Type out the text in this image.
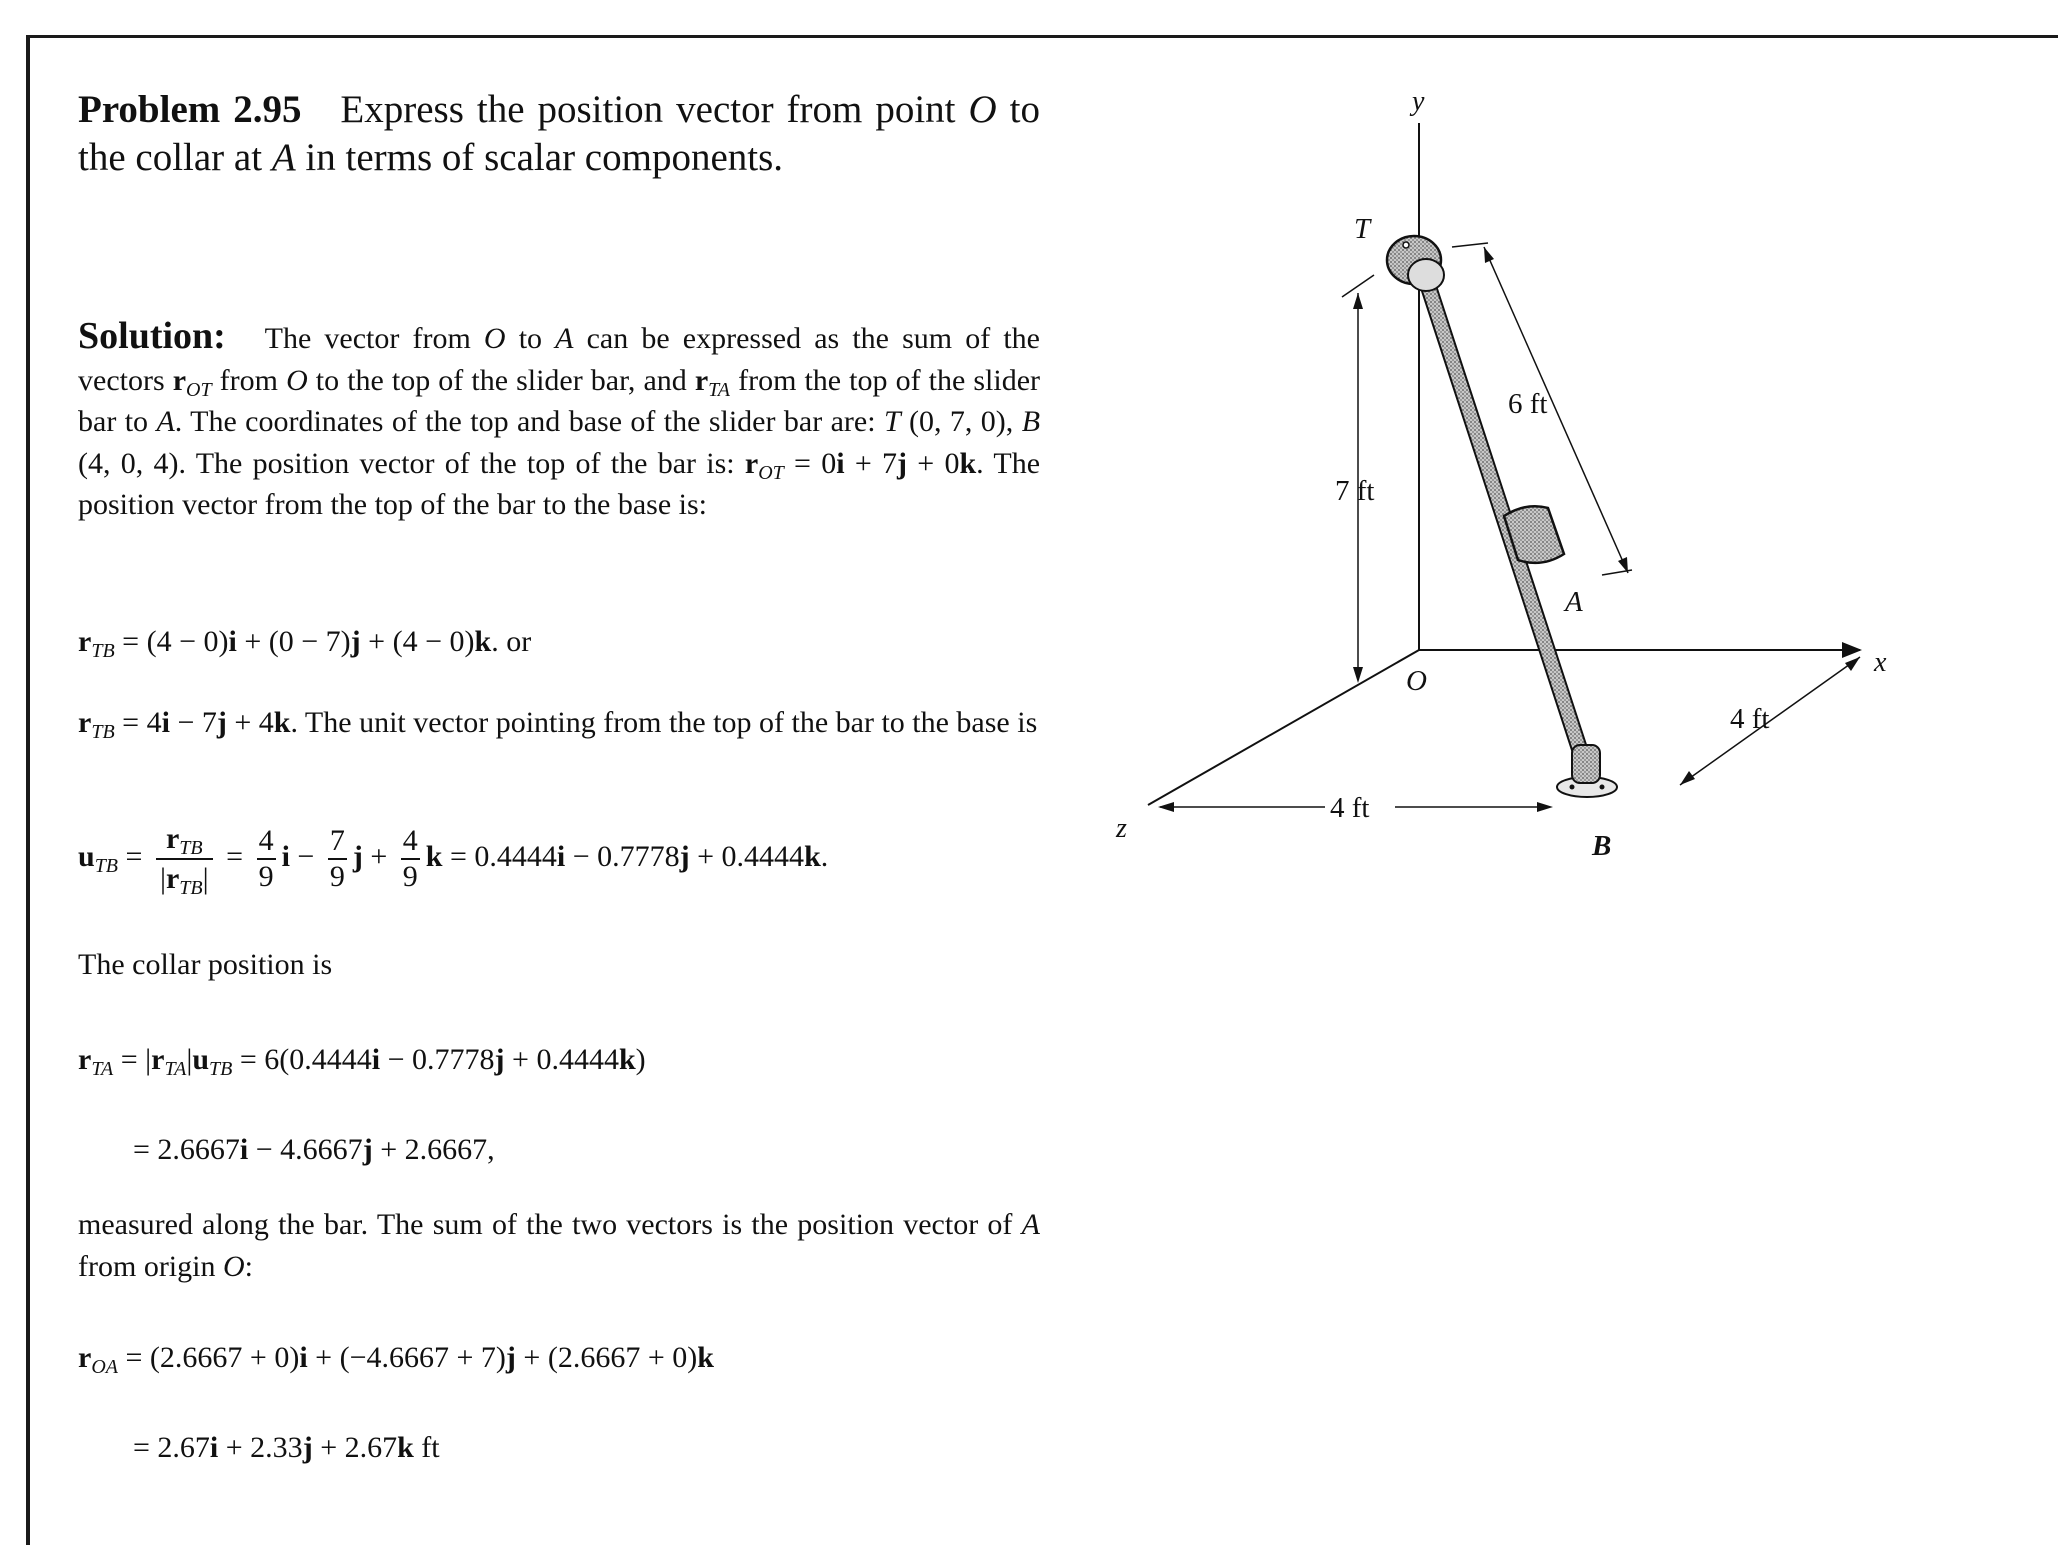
Problem 2.95   Express the position vector from point O to the collar at A in terms of scalar components.
Solution:   The vector from O to A can be expressed as the sum of the vectors $r_{OT}$ from O to the top of the slider bar, and $r_{TA}$ from the top of the slider bar to A. The coordinates of the top and base of the slider bar are: T (0, 7, 0), B (4, 0, 4). The position vector of the top of the bar is: $r_{OT} = 0i + 7j + 0k$. The position vector from the top of the bar to the base is:
$r_{TB} = (4 - 0)i + (0 - 7)j + (4 - 0)k$. or
$r_{TB} = 4i - 7j + 4k$. The unit vector pointing from the top of the bar to the base is
$u_{TB} = \frac{r_{TB}}{|r_{TB}|} = \frac{4}{9}$ $i - \frac{7}{9}$ $j + \frac{4}{9}$ k = 0.4444i − 0.7778j + 0.4444k.
The collar position is
$r_{TA} = |r_{TA}|u_{TB} = 6(0.4444i - 0.7778j + 0.4444k)$
= 2.6667i − 4.6667j + 2.6667,
measured along the bar. The sum of the two vectors is the position vector of A from origin O:
$r_{OA} = (2.6667 + 0)i + (-4.6667 + 7)j + (2.6667 + 0)k$
= 2.67i + 2.33j + 2.67k ft
y
x
z
O
T
A
B
6 ft
7 ft
4 ft
4 ft
